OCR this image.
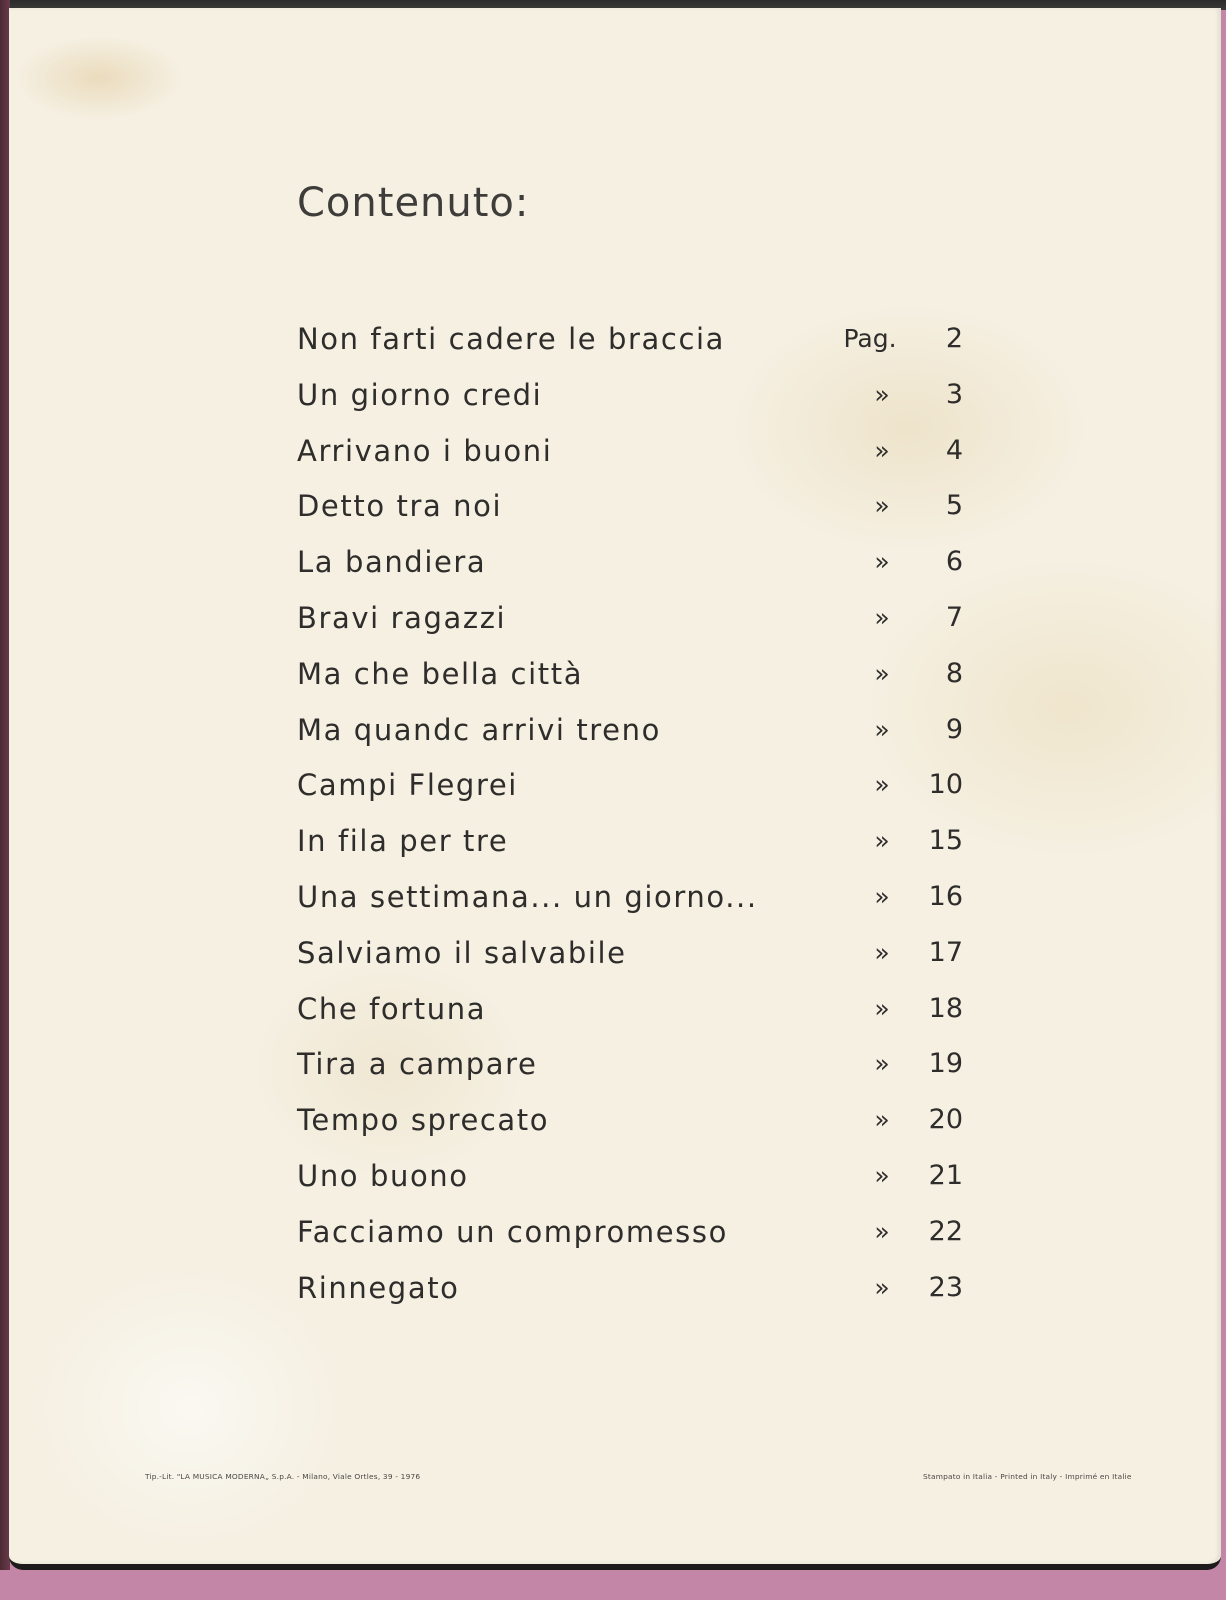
Contenuto:
Non farti cadere le braccia	Pag. 2
Un giorno credi	»	3
Arrivano i buoni	»	4
Detto tra noi	»	5
La bandiera	»	6
Bravi ragazzi	»	7
Ma che bella città	»	8
Ma quandc arrivi treno	»	9
Campi Flegrei	»	10
In fila per tre	»	15
Una settimana... un giorno...	»	16
Salviamo il salvabile	»	17
Che fortuna	»	18
Tira a campare	»	19
Tempo sprecato	»	20
Uno buono	»	21
Facciamo un compromesso	»	22
Rinnegato	»	23
Tip.-Lit. "LA MUSICA MODERNA„ S.p.A. - Milano, Viale Ortles, 39 - 1976	Stampato in Italia - Printed in Italy - Imprimé en Italie
